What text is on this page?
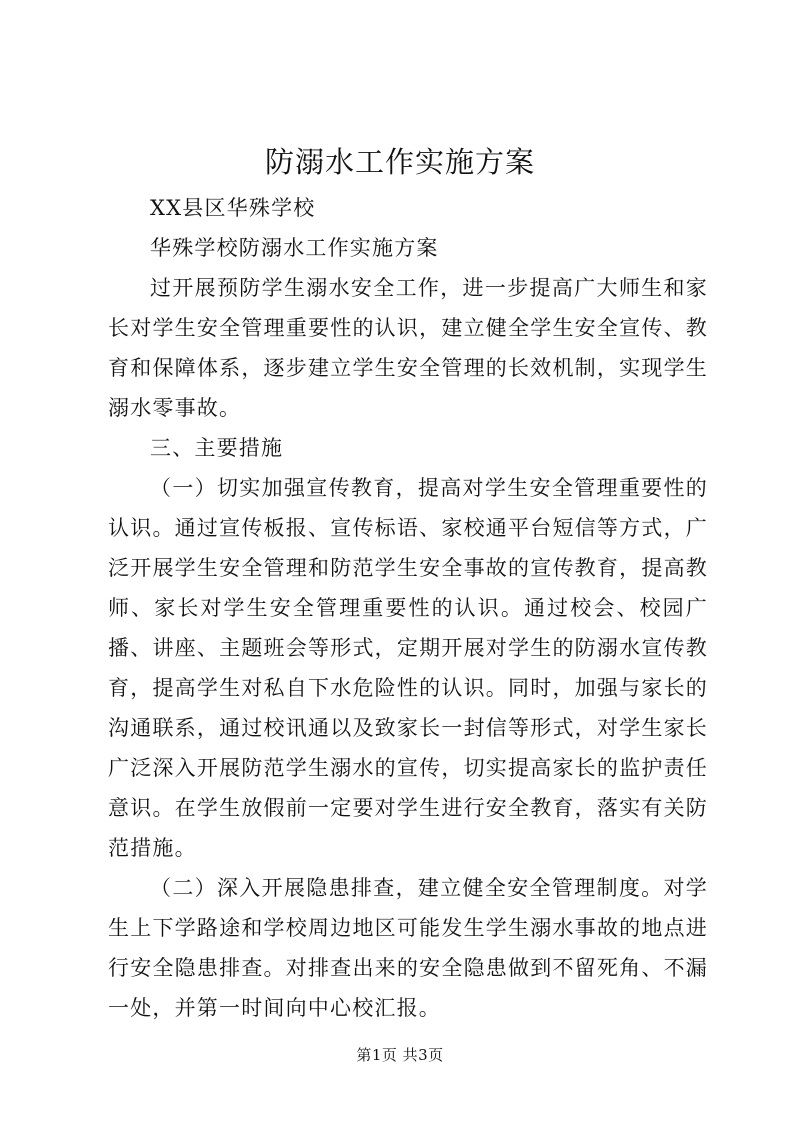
防溺水工作实施方案

XX县区华殊学校

华殊学校防溺水工作实施方案

过开展预防学生溺水安全工作，进一步提高广大师生和家长对学生安全管理重要性的认识，建立健全学生安全宣传、教育和保障体系，逐步建立学生安全管理的长效机制，实现学生溺水零事故。

三、主要措施

（一）切实加强宣传教育，提高对学生安全管理重要性的认识。通过宣传板报、宣传标语、家校通平台短信等方式，广泛开展学生安全管理和防范学生安全事故的宣传教育，提高教师、家长对学生安全管理重要性的认识。通过校会、校园广播、讲座、主题班会等形式，定期开展对学生的防溺水宣传教育，提高学生对私自下水危险性的认识。同时，加强与家长的沟通联系，通过校讯通以及致家长一封信等形式，对学生家长广泛深入开展防范学生溺水的宣传，切实提高家长的监护责任意识。在学生放假前一定要对学生进行安全教育，落实有关防范措施。

（二）深入开展隐患排查，建立健全安全管理制度。对学生上下学路途和学校周边地区可能发生学生溺水事故的地点进行安全隐患排查。对排查出来的安全隐患做到不留死角、不漏一处，并第一时间向中心校汇报。

第1页 共3页
